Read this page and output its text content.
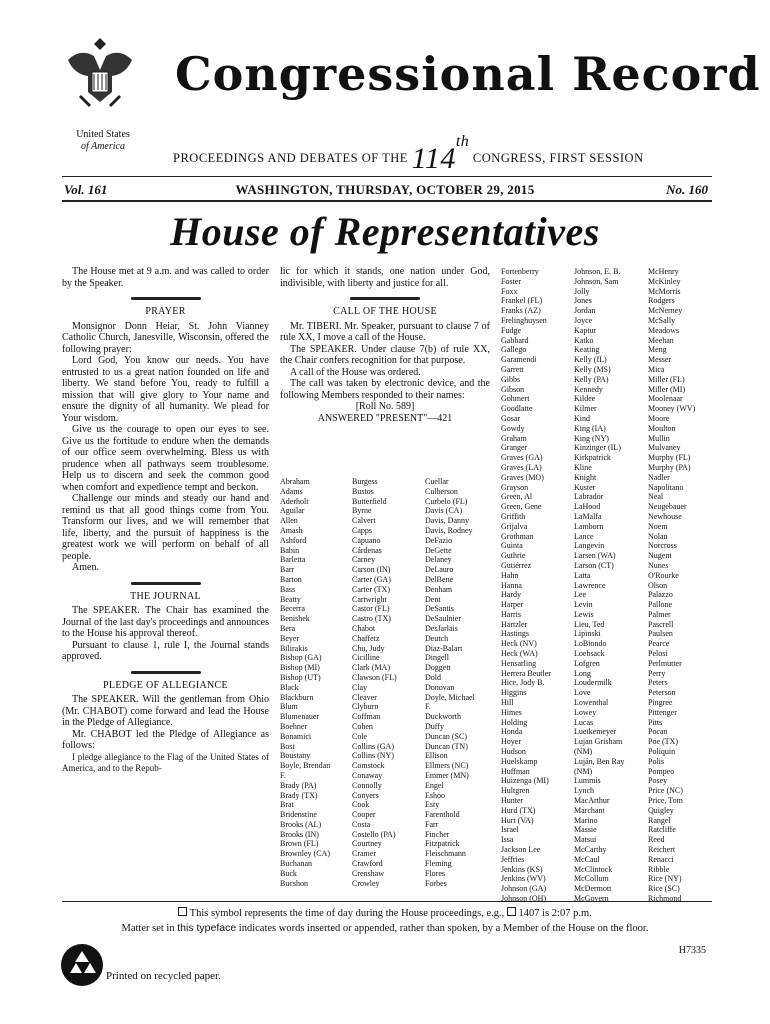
Congressional Record
United States
of America
PROCEEDINGS AND DEBATES OF THE 114th CONGRESS, FIRST SESSION
Vol. 161	WASHINGTON, THURSDAY, OCTOBER 29, 2015	No. 160
House of Representatives

The House met at 9 a.m. and was called to order by the Speaker.

PRAYER

Monsignor Donn Heiar, St. John Vianney Catholic Church, Janesville, Wisconsin, offered the following prayer:

Lord God, You know our needs. You have entrusted to us a great nation founded on life and liberty. We stand before You, ready to fulfill a mission that will give glory to Your name and ensure the dignity of all humanity. We plead for Your wisdom.

Give us the courage to open our eyes to see. Give us the fortitude to endure when the demands of our office seem overwhelming. Bless us with prudence when all pathways seem troublesome. Help us to discern and seek the common good when comfort and expedience tempt and beckon.

Challenge our minds and steady our hand and remind us that all good things come from You. Transform our lives, and we will remember that life, liberty, and the pursuit of happiness is the greatest work we will perform on behalf of all people.

Amen.

THE JOURNAL

The SPEAKER. The Chair has examined the Journal of the last day's proceedings and announces to the House his approval thereof.

Pursuant to clause 1, rule I, the Journal stands approved.

PLEDGE OF ALLEGIANCE

The SPEAKER. Will the gentleman from Ohio (Mr. CHABOT) come forward and lead the House in the Pledge of Allegiance.

Mr. CHABOT led the Pledge of Allegiance as follows:

I pledge allegiance to the Flag of the United States of America, and to the Repub-

lic for which it stands, one nation under God, indivisible, with liberty and justice for all.

CALL OF THE HOUSE

Mr. TIBERI. Mr. Speaker, pursuant to clause 7 of rule XX, I move a call of the House.

The SPEAKER. Under clause 7(b) of rule XX, the Chair confers recognition for that purpose.

A call of the House was ordered.

The call was taken by electronic device, and the following Members responded to their names:

[Roll No. 589]

ANSWERED "PRESENT"—421

Abraham
Adams
Aderholt
Aguilar
Allen
Amash
Ashford
Babin
Barletta
Barr
Barton
Bass
Beatty
Becerra
Benishek
Bera
Beyer
Bilirakis
Bishop (GA)
Bishop (MI)
Bishop (UT)
Black
Blackburn
Blum
Blumenauer
Boehner
Bonamici
Bost
Boustany
Boyle, Brendan
F.
Brady (PA)
Brady (TX)
Brat
Bridenstine
Brooks (AL)
Brooks (IN)
Brown (FL)
Brownley (CA)
Buchanan
Buck
Bucshon
Burgess
Bustos
Butterfield
Byrne
Calvert
Capps
Capuano
Cárdenas
Carney
Carson (IN)
Carter (GA)
Carter (TX)
Cartwright
Castor (FL)
Castro (TX)
Chabot
Chaffetz
Chu, Judy
Cicilline
Clark (MA)
Clawson (FL)
Clay
Cleaver
Clyburn
Coffman
Cohen
Cole
Collins (GA)
Collins (NY)
Comstock
Conaway
Connolly
Conyers
Cook
Cooper
Costa
Costello (PA)
Courtney
Cramer
Crawford
Crenshaw
Crowley
Cuellar
Culberson
Curbelo (FL)
Davis (CA)
Davis, Danny
Davis, Rodney
DeFazio
DeGette
Delaney
DeLauro
DelBene
Denham
Dent
DeSantis
DeSaulnier
DesJarlais
Deutch
Diaz-Balart
Dingell
Doggett
Dold
Donovan
Doyle, Michael
F.
Duckworth
Duffy
Duncan (SC)
Duncan (TN)
Ellison
Ellmers (NC)
Emmer (MN)
Engel
Eshoo
Esty
Farenthold
Farr
Fincher
Fitzpatrick
Fleischmann
Fleming
Flores
Forbes
Fortenberry
Foster
Foxx
Frankel (FL)
Franks (AZ)
Frelinghuysen
Fudge
Gabbard
Gallego
Garamendi
Garrett
Gibbs
Gibson
Gohmert
Goodlatte
Gosar
Gowdy
Graham
Granger
Graves (GA)
Graves (LA)
Graves (MO)
Grayson
Green, Al
Green, Gene
Griffith
Grijalva
Grothman
Guinta
Guthrie
Gutiérrez
Hahn
Hanna
Hardy
Harper
Harris
Hartzler
Hastings
Heck (NV)
Heck (WA)
Hensarling
Herrera Beutler
Hice, Jody B.
Higgins
Hill
Himes
Holding
Honda
Hoyer
Hudson
Huelskamp
Huffman
Huizenga (MI)
Hultgren
Hunter
Hurd (TX)
Hurt (VA)
Israel
Issa
Jackson Lee
Jeffries
Jenkins (KS)
Jenkins (WV)
Johnson (GA)
Johnson (OH)
Johnson, E. B.
Johnson, Sam
Jolly
Jones
Jordan
Joyce
Kaptur
Katko
Keating
Kelly (IL)
Kelly (MS)
Kelly (PA)
Kennedy
Kildee
Kilmer
Kind
King (IA)
King (NY)
Kinzinger (IL)
Kirkpatrick
Kline
Knight
Kuster
Labrador
LaHood
LaMalfa
Lamborn
Lance
Langevin
Larsen (WA)
Larson (CT)
Latta
Lawrence
Lee
Levin
Lewis
Lieu, Ted
Lipinski
LoBiondo
Loebsack
Lofgren
Long
Loudermilk
Love
Lowenthal
Lowey
Lucas
Luetkemeyer
Lujan Grisham
(NM)
Luján, Ben Ray
(NM)
Lummis
Lynch
MacArthur
Marchant
Marino
Massie
Matsui
McCarthy
McCaul
McClintock
McCollum
McDermott
McGovern
McHenry
McKinley
McMorris
Rodgers
McNerney
McSally
Meadows
Meehan
Meng
Messer
Mica
Miller (FL)
Miller (MI)
Moolenaar
Mooney (WV)
Moore
Moulton
Mullin
Mulvaney
Murphy (FL)
Murphy (PA)
Nadler
Napolitano
Neal
Neugebauer
Newhouse
Noem
Nolan
Norcross
Nugent
Nunes
O'Rourke
Olson
Palazzo
Pallone
Palmer
Pascrell
Paulsen
Pearce
Pelosi
Perlmutter
Perry
Peters
Peterson
Pingree
Pittenger
Pitts
Pocan
Poe (TX)
Poliquin
Polis
Pompeo
Posey
Price (NC)
Price, Tom
Quigley
Rangel
Ratcliffe
Reed
Reichert
Renacci
Ribble
Rice (NY)
Rice (SC)
Richmond
This symbol represents the time of day during the House proceedings, e.g., 1407 is 2:07 p.m.
Matter set in this typeface indicates words inserted or appended, rather than spoken, by a Member of the House on the floor.
H7335
Printed on recycled paper.
